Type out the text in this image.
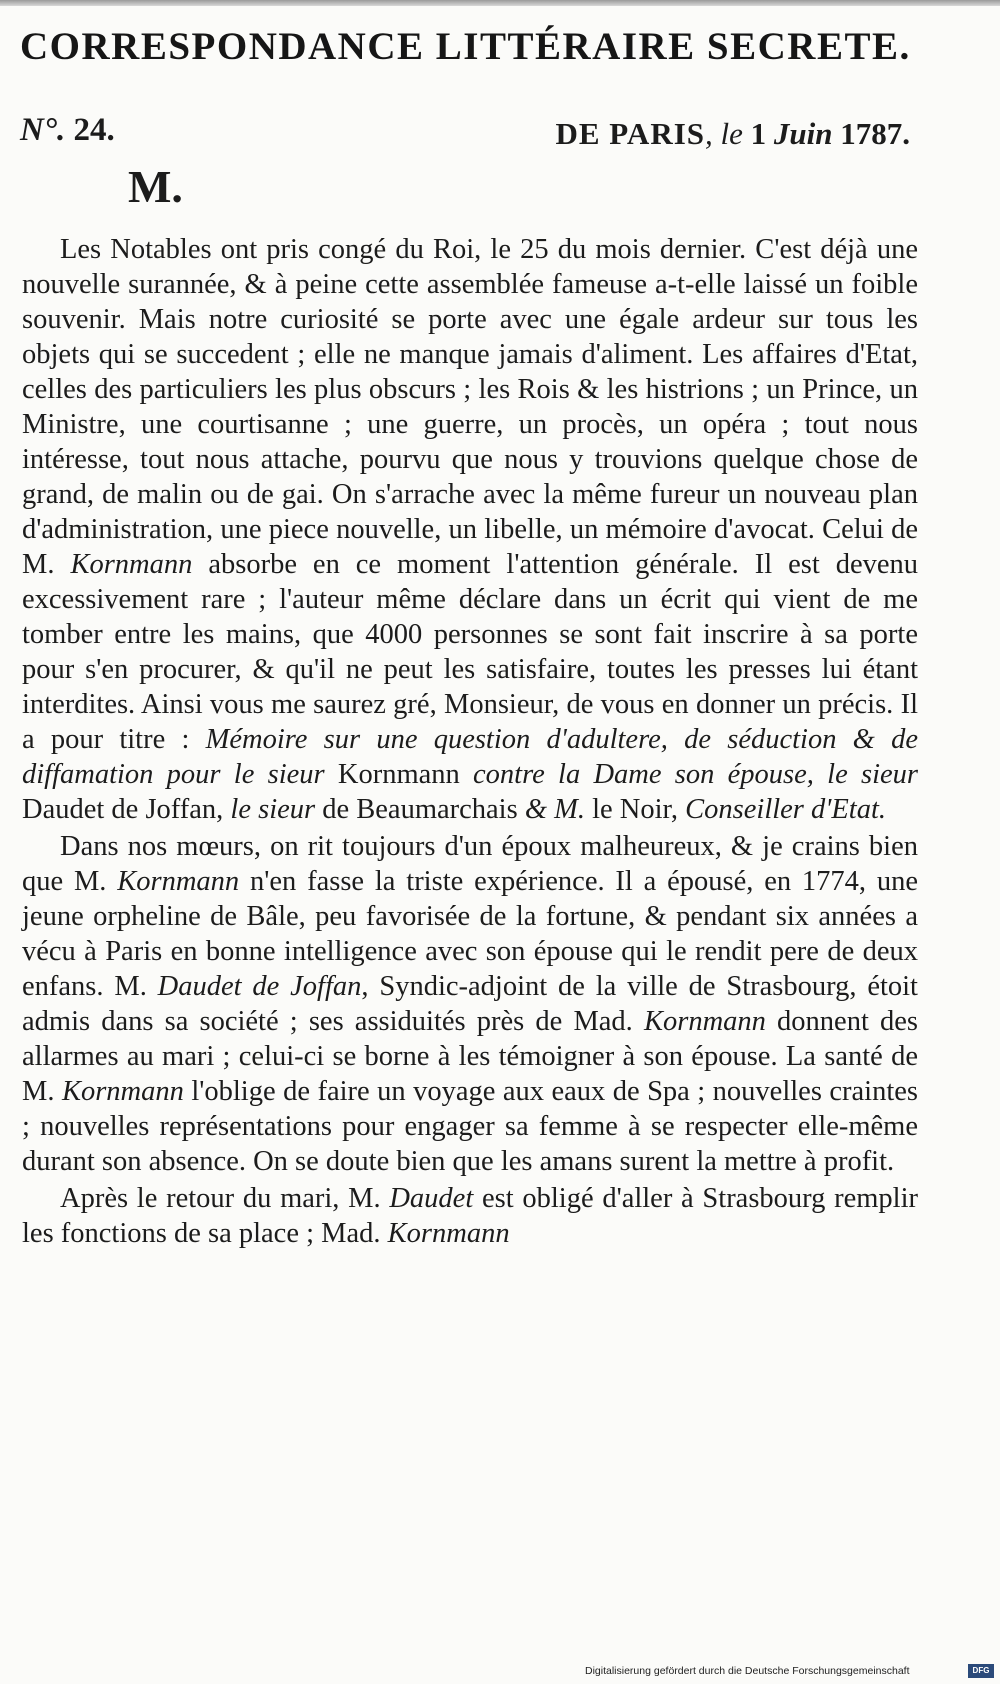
CORRESPONDANCE LITTÉRAIRE SECRETE.
N°. 24.	DE PARIS, le 1 Juin 1787.
M.

Les Notables ont pris congé du Roi, le 25 du mois dernier. C'est déjà une nouvelle surannée, & à peine cette assemblée fameuse a-t-elle laissé un foible souvenir. Mais notre curiosité se porte avec une égale ardeur sur tous les objets qui se succedent ; elle ne manque jamais d'aliment. Les affaires d'Etat, celles des particuliers les plus obscurs ; les Rois & les histrions ; un Prince, un Ministre, une courtisanne ; une guerre, un procès, un opéra ; tout nous intéresse, tout nous attache, pourvu que nous y trouvions quelque chose de grand, de malin ou de gai. On s'arrache avec la même fureur un nouveau plan d'administration, une piece nouvelle, un libelle, un mémoire d'avocat. Celui de M. Kornmann absorbe en ce moment l'attention générale. Il est devenu excessivement rare ; l'auteur même déclare dans un écrit qui vient de me tomber entre les mains, que 4000 personnes se sont fait inscrire à sa porte pour s'en procurer, & qu'il ne peut les satisfaire, toutes les presses lui étant interdites. Ainsi vous me saurez gré, Monsieur, de vous en donner un précis. Il a pour titre : Mémoire sur une question d'adultere, de séduction & de diffamation pour le sieur Kornmann contre la Dame son épouse, le sieur Daudet de Joffan, le sieur de Beaumarchais & M. le Noir, Conseiller d'Etat.

Dans nos mœurs, on rit toujours d'un époux malheureux, & je crains bien que M. Kornmann n'en fasse la triste expérience. Il a épousé, en 1774, une jeune orpheline de Bâle, peu favorisée de la fortune, & pendant six années a vécu à Paris en bonne intelligence avec son épouse qui le rendit pere de deux enfans. M. Daudet de Joffan, Syndic-adjoint de la ville de Strasbourg, étoit admis dans sa société ; ses assiduités près de Mad. Kornmann donnent des allarmes au mari ; celui-ci se borne à les témoigner à son épouse. La santé de M. Kornmann l'oblige de faire un voyage aux eaux de Spa ; nouvelles craintes ; nouvelles représentations pour engager sa femme à se respecter elle-même durant son absence. On se doute bien que les amans surent la mettre à profit.

Après le retour du mari, M. Daudet est obligé d'aller à Strasbourg remplir les fonctions de sa place ; Mad. Kornmann

Digitalisierung gefördert durch die Deutsche Forschungsgemeinschaft	DFG
